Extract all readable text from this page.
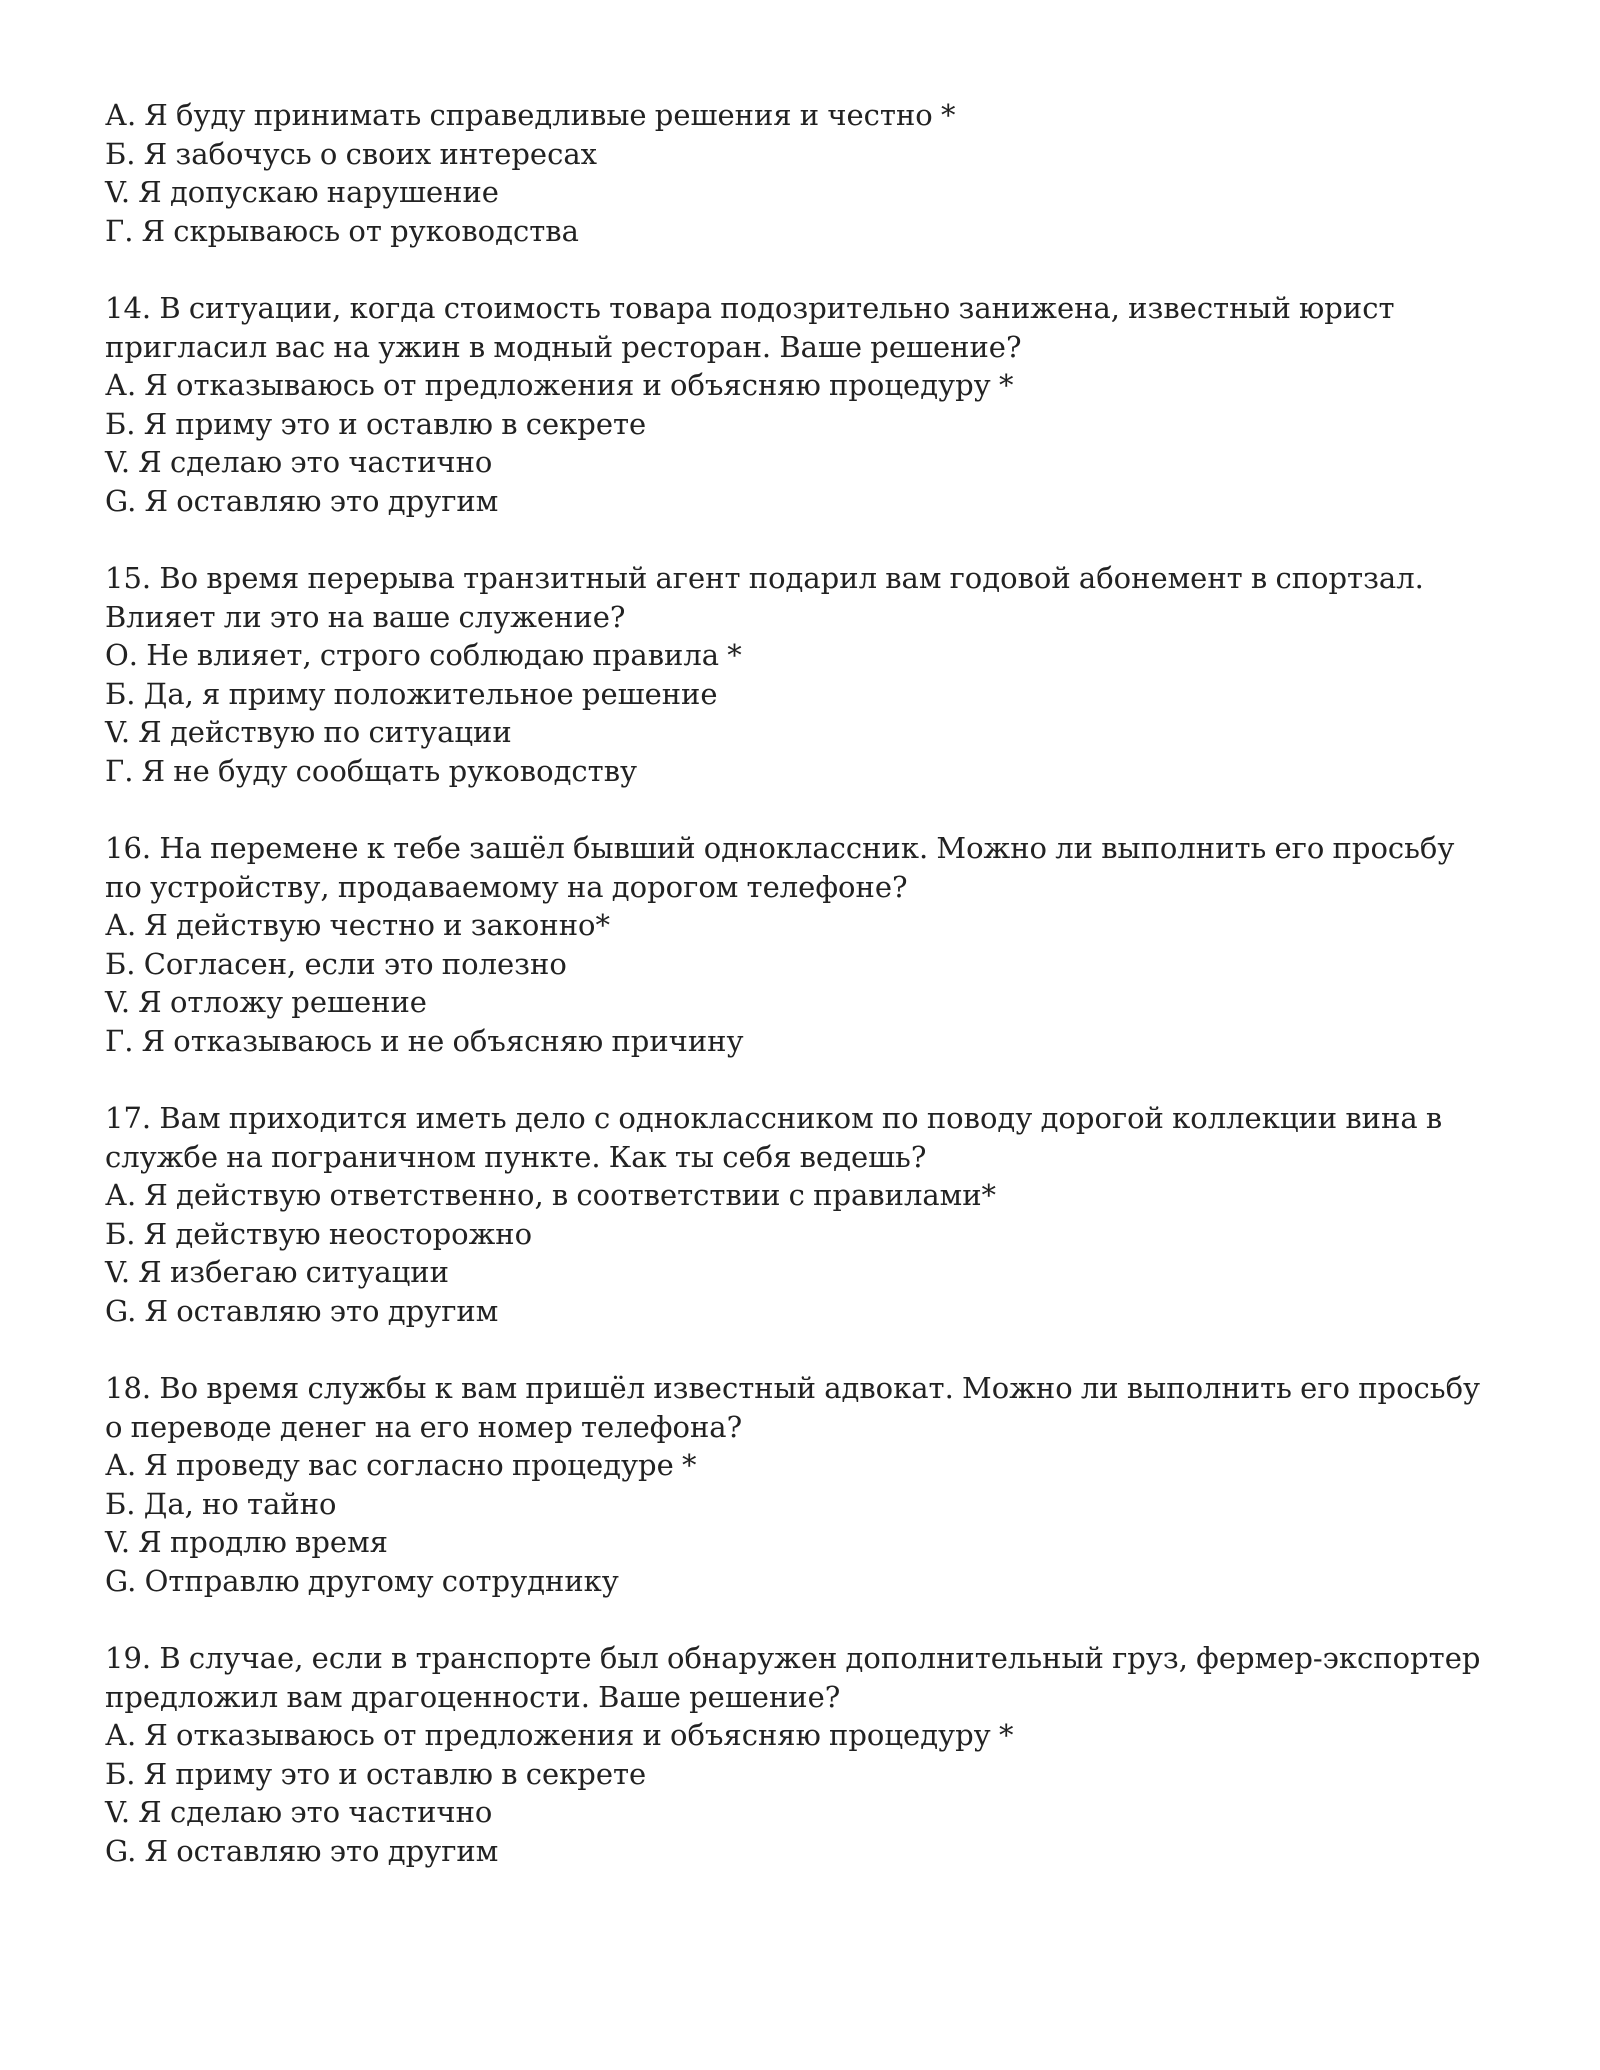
А. Я буду принимать справедливые решения и честно *
Б. Я забочусь о своих интересах
V. Я допускаю нарушение
Г. Я скрываюсь от руководства
14. В ситуации, когда стоимость товара подозрительно занижена, известный юрист пригласил вас на ужин в модный ресторан. Ваше решение?
А. Я отказываюсь от предложения и объясняю процедуру *
Б. Я приму это и оставлю в секрете
V. Я сделаю это частично
G. Я оставляю это другим
15. Во время перерыва транзитный агент подарил вам годовой абонемент в спортзал. Влияет ли это на ваше служение?
О. Не влияет, строго соблюдаю правила *
Б. Да, я приму положительное решение
V. Я действую по ситуации
Г. Я не буду сообщать руководству
16. На перемене к тебе зашёл бывший одноклассник. Можно ли выполнить его просьбу по устройству, продаваемому на дорогом телефоне?
А. Я действую честно и законно*
Б. Согласен, если это полезно
V. Я отложу решение
Г. Я отказываюсь и не объясняю причину
17. Вам приходится иметь дело с одноклассником по поводу дорогой коллекции вина в службе на пограничном пункте. Как ты себя ведешь?
А. Я действую ответственно, в соответствии с правилами*
Б. Я действую неосторожно
V. Я избегаю ситуации
G. Я оставляю это другим
18. Во время службы к вам пришёл известный адвокат. Можно ли выполнить его просьбу о переводе денег на его номер телефона?
А. Я проведу вас согласно процедуре *
Б. Да, но тайно
V. Я продлю время
G. Отправлю другому сотруднику
19. В случае, если в транспорте был обнаружен дополнительный груз, фермер-экспортер предложил вам драгоценности. Ваше решение?
А. Я отказываюсь от предложения и объясняю процедуру *
Б. Я приму это и оставлю в секрете
V. Я сделаю это частично
G. Я оставляю это другим
